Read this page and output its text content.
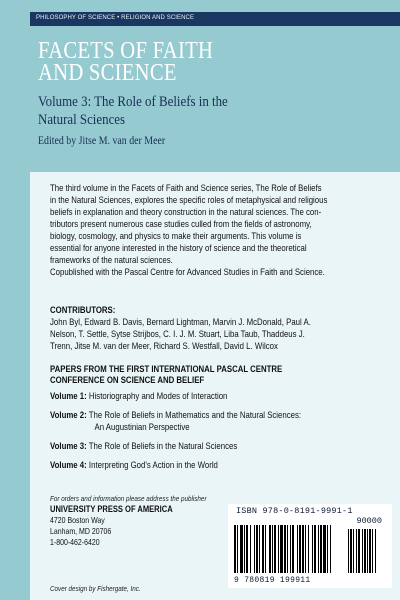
PHILOSOPHY OF SCIENCE • RELIGION AND SCIENCE
FACETS OF FAITH
AND SCIENCE
Volume 3: The Role of Beliefs in the
Natural Sciences
Edited by Jitse M. van der Meer
The third volume in the Facets of Faith and Science series, The Role of Beliefs
in the Natural Sciences, explores the specific roles of metaphysical and religious
beliefs in explanation and theory construction in the natural sciences. The con-
tributors present numerous case studies culled from the fields of astronomy,
biology, cosmology, and physics to make their arguments. This volume is
essential for anyone interested in the history of science and the theoretical
frameworks of the natural sciences.
Copublished with the Pascal Centre for Advanced Studies in Faith and Science.
CONTRIBUTORS:
John Byl, Edward B. Davis, Bernard Lightman, Marvin J. McDonald, Paul A.
Nelson, T. Settle, Sytse Strijbos, C. I. J. M. Stuart, Liba Taub, Thaddeus J.
Trenn, Jitse M. van der Meer, Richard S. Westfall, David L. Wilcox
PAPERS FROM THE FIRST INTERNATIONAL PASCAL CENTRE
CONFERENCE ON SCIENCE AND BELIEF
Volume 1: Historiography and Modes of Interaction
Volume 2: The Role of Beliefs in Mathematics and the Natural Sciences:
An Augustinian Perspective
Volume 3: The Role of Beliefs in the Natural Sciences
Volume 4: Interpreting God's Action in the World
For orders and information please address the publisher
UNIVERSITY PRESS OF AMERICA
4720 Boston Way
Lanham, MD 20706
1-800-462-6420
Cover design by Fishergate, Inc.
ISBN 978-0-8191-9991-1
90000
9 780819 199911
